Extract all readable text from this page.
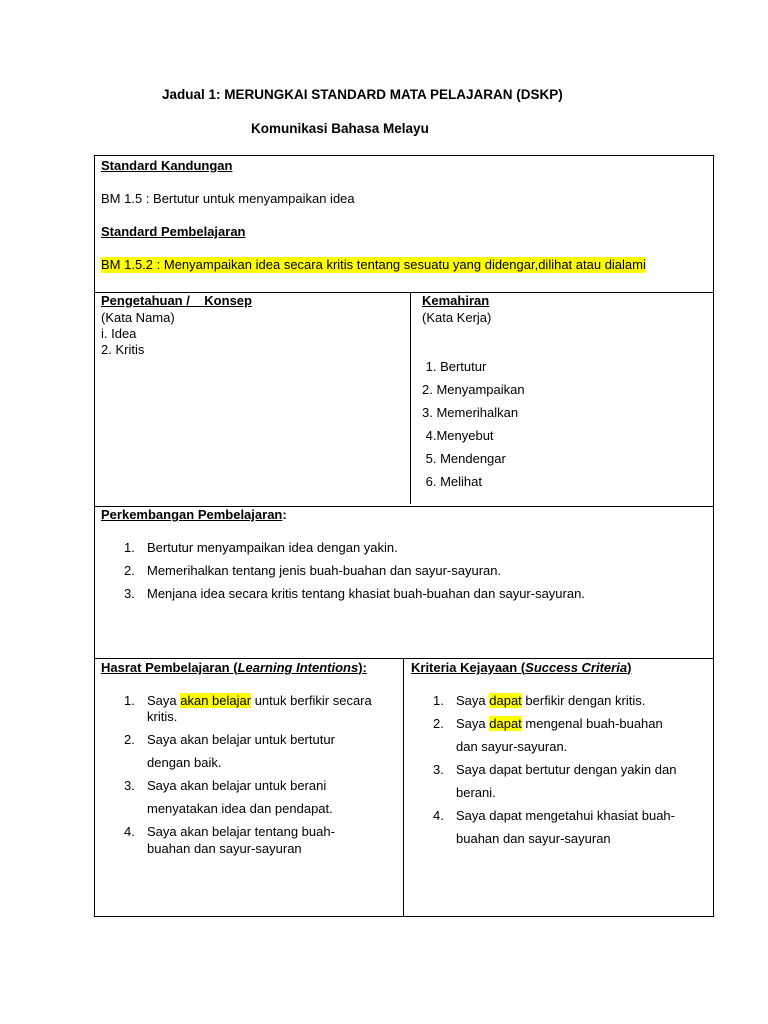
Jadual 1: MERUNGKAI STANDARD MATA PELAJARAN (DSKP)
Komunikasi Bahasa Melayu
Standard Kandungan
BM 1.5 : Bertutur untuk menyampaikan idea
Standard Pembelajaran
BM 1.5.2 : Menyampaikan idea secara kritis tentang sesuatu yang didengar,dilihat atau dialami
Pengetahuan /    Konsep
(Kata Nama)
i. Idea
2. Kritis
Kemahiran
(Kata Kerja)
1. Bertutur
2. Menyampaikan
3. Memerihalkan
4.Menyebut
5. Mendengar
6. Melihat
Perkembangan Pembelajaran:
1. Bertutur menyampaikan idea dengan yakin.
2. Memerihalkan tentang jenis buah-buahan dan sayur-sayuran.
3. Menjana idea secara kritis tentang khasiat buah-buahan dan sayur-sayuran.
Hasrat Pembelajaran (Learning Intentions):
1. Saya akan belajar untuk berfikir secara
kritis.
2. Saya akan belajar untuk bertutur
dengan baik.
3. Saya akan belajar untuk berani
menyatakan idea dan pendapat.
4. Saya akan belajar tentang buah-
buahan dan sayur-sayuran
Kriteria Kejayaan (Success Criteria)
1. Saya dapat berfikir dengan kritis.
2. Saya dapat mengenal buah-buahan
dan sayur-sayuran.
3. Saya dapat bertutur dengan yakin dan
berani.
4. Saya dapat mengetahui khasiat buah-
buahan dan sayur-sayuran
